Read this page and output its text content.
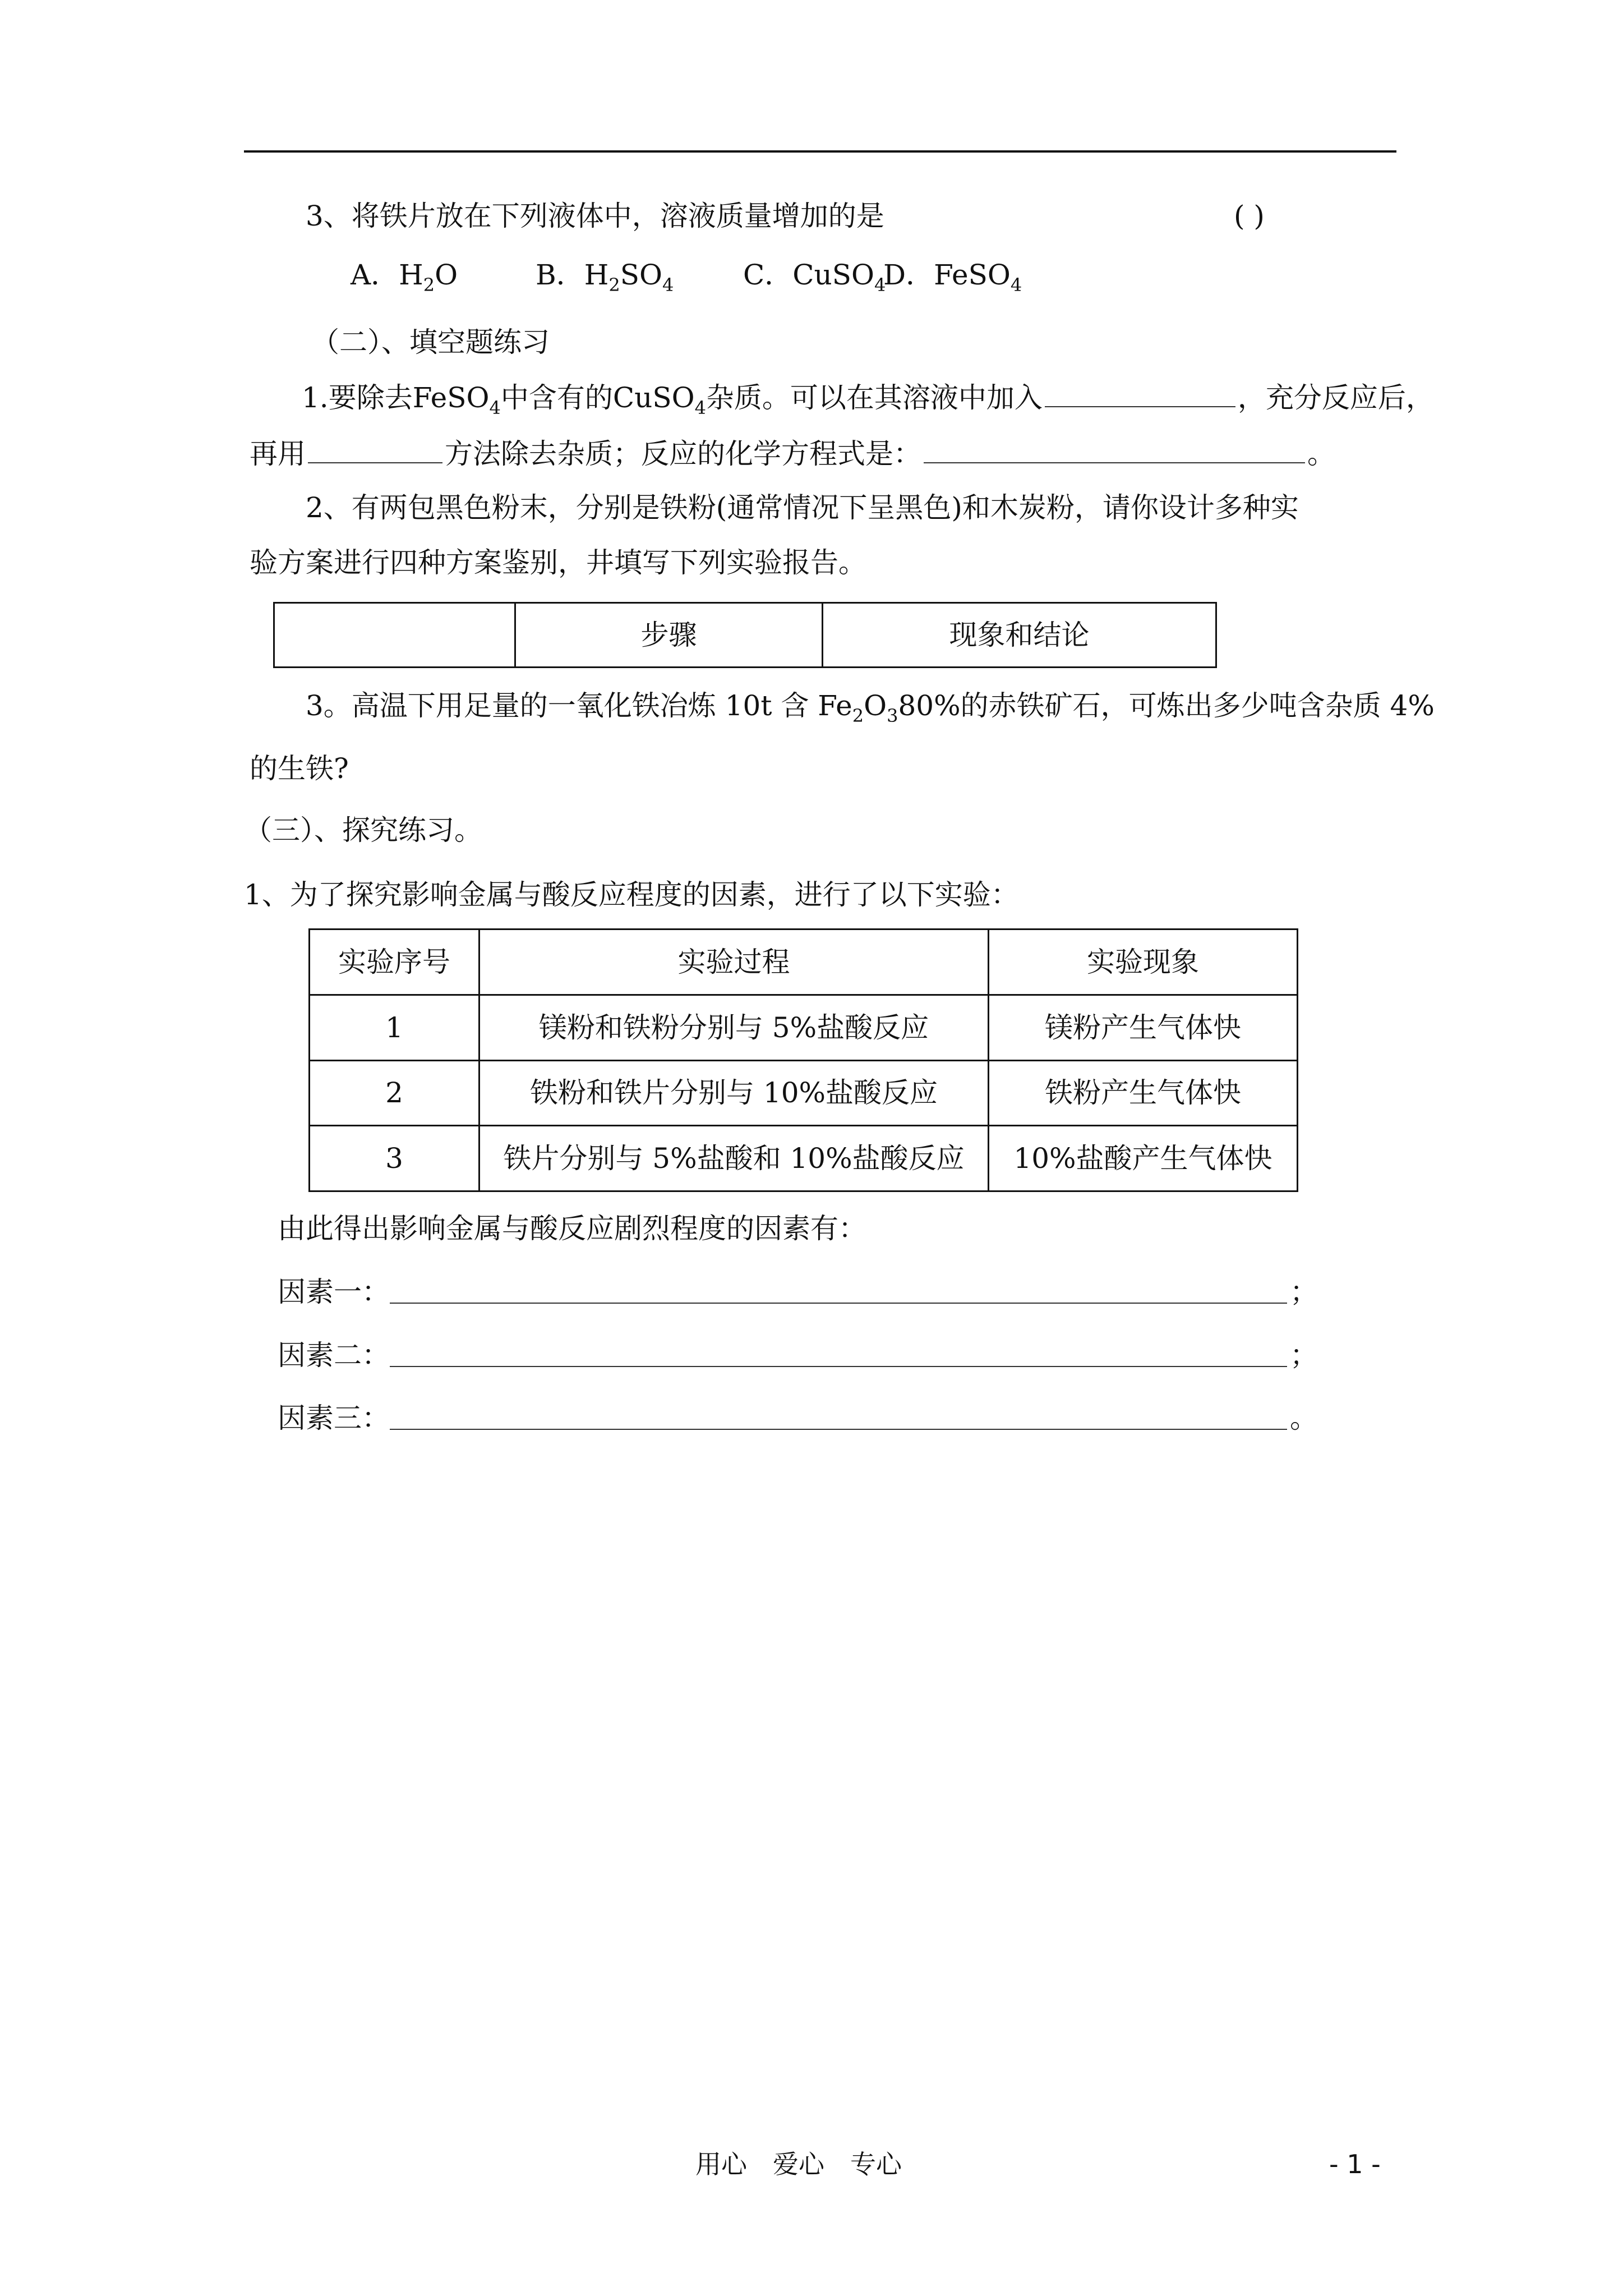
3、将铁片放在下列液体中，溶液质量增加的是	( )
A．$H_2O$	B．$H_2SO_4$ C．CuSO$_4$
D．FeSO$_4$
（二）、填空题练习
1.要除去FeSO$_4$中含有的CuSO$_4$杂质。可以在其溶液中加入	，充分反应后，
再用	方法除去杂质；反应的化学方程式是：	。
2、有两包黑色粉末，分别是铁粉(通常情况下呈黑色)和木炭粉，请你设计多种实
验方案进行四种方案鉴别，井填写下列实验报告。
	步骤	现象和结论
3。高温下用足量的一氧化铁冶炼 10t 含 $Fe_2O_380\%$的赤铁矿石，可炼出多少吨含杂质 4%
的生铁?
（三）、探究练习。
1、为了探究影响金属与酸反应程度的因素，进行了以下实验：
实验序号	实验过程	实验现象
1	镁粉和铁粉分别与 5%盐酸反应	镁粉产生气体快
2	铁粉和铁片分别与 10%盐酸反应	铁粉产生气体快
3	铁片分别与 5%盐酸和 10%盐酸反应	10%盐酸产生气体快
由此得出影响金属与酸反应剧烈程度的因素有：
因素一：	；
因素二：	；
因素三：	。
用心　爱心　专心	- 1 -
